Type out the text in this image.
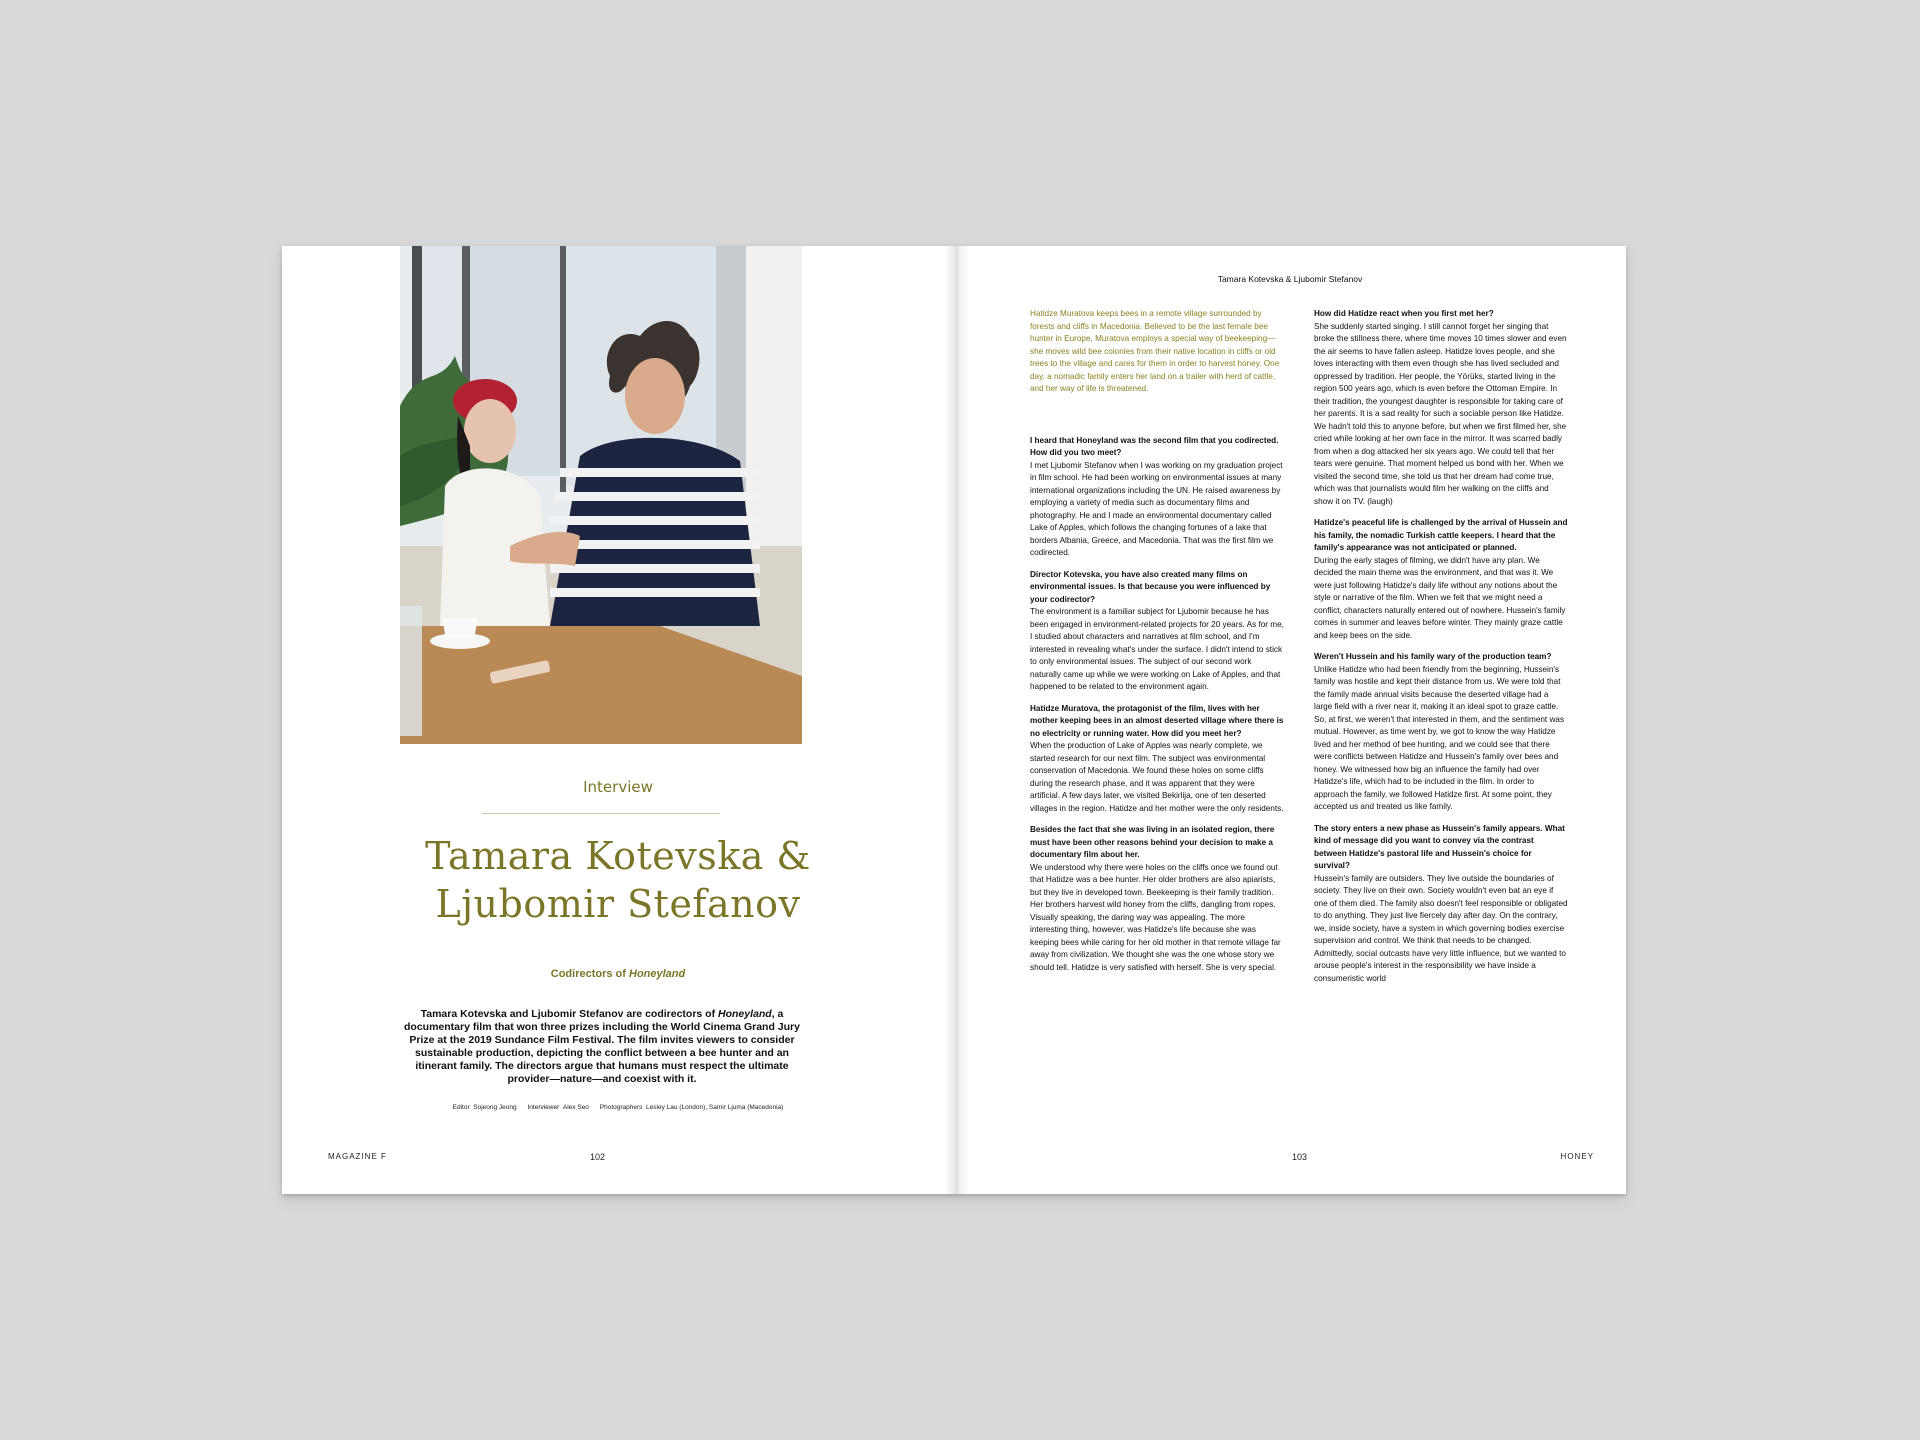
Interview
Tamara Kotevska &
Ljubomir Stefanov
Codirectors of Honeyland
Tamara Kotevska and Ljubomir Stefanov are codirectors of Honeyland, a documentary film that won three prizes including the World Cinema Grand Jury Prize at the 2019 Sundance Film Festival. The film invites viewers to consider sustainable production, depicting the conflict between a bee hunter and an itinerant family. The directors argue that humans must respect the ultimate provider—nature—and coexist with it.
Editor Sojeong Jeong Interviewer Alex Seo Photographers Lesley Lau (London), Samir Ljuma (Macedonia)
MAGAZINE F	102
Tamara Kotevska & Ljubomir Stefanov

Hatidze Muratova keeps bees in a remote village surrounded by forests and cliffs in Macedonia. Believed to be the last female bee hunter in Europe, Muratova employs a special way of beekeeping—she moves wild bee colonies from their native location in cliffs or old trees to the village and cares for them in order to harvest honey. One day, a nomadic family enters her land on a trailer with herd of cattle, and her way of life is threatened.

I heard that Honeyland was the second film that you codirected. How did you two meet?
I met Ljubomir Stefanov when I was working on my graduation project in film school. He had been working on environmental issues at many international organizations including the UN. He raised awareness by employing a variety of media such as documentary films and photography. He and I made an environmental documentary called Lake of Apples, which follows the changing fortunes of a lake that borders Albania, Greece, and Macedonia. That was the first film we codirected.

Director Kotevska, you have also created many films on environmental issues. Is that because you were influenced by your codirector?
The environment is a familiar subject for Ljubomir because he has been engaged in environment-related projects for 20 years. As for me, I studied about characters and narratives at film school, and I'm interested in revealing what's under the surface. I didn't intend to stick to only environmental issues. The subject of our second work naturally came up while we were working on Lake of Apples, and that happened to be related to the environment again.

Hatidze Muratova, the protagonist of the film, lives with her mother keeping bees in an almost deserted village where there is no electricity or running water. How did you meet her?
When the production of Lake of Apples was nearly complete, we started research for our next film. The subject was environmental conservation of Macedonia. We found these holes on some cliffs during the research phase, and it was apparent that they were artificial. A few days later, we visited Bekirlija, one of ten deserted villages in the region. Hatidze and her mother were the only residents.

Besides the fact that she was living in an isolated region, there must have been other reasons behind your decision to make a documentary film about her.
We understood why there were holes on the cliffs once we found out that Hatidze was a bee hunter. Her older brothers are also apiarists, but they live in developed town. Beekeeping is their family tradition. Her brothers harvest wild honey from the cliffs, dangling from ropes. Visually speaking, the daring way was appealing. The more interesting thing, however, was Hatidze's life because she was keeping bees while caring for her old mother in that remote village far away from civilization. We thought she was the one whose story we should tell. Hatidze is very satisfied with herself. She is very special.

How did Hatidze react when you first met her?
She suddenly started singing. I still cannot forget her singing that broke the stillness there, where time moves 10 times slower and even the air seems to have fallen asleep. Hatidze loves people, and she loves interacting with them even though she has lived secluded and oppressed by tradition. Her people, the Yörüks, started living in the region 500 years ago, which is even before the Ottoman Empire. In their tradition, the youngest daughter is responsible for taking care of her parents. It is a sad reality for such a sociable person like Hatidze. We hadn't told this to anyone before, but when we first filmed her, she cried while looking at her own face in the mirror. It was scarred badly from when a dog attacked her six years ago. We could tell that her tears were genuine. That moment helped us bond with her. When we visited the second time, she told us that her dream had come true, which was that journalists would film her walking on the cliffs and show it on TV. (laugh)

Hatidze's peaceful life is challenged by the arrival of Hussein and his family, the nomadic Turkish cattle keepers. I heard that the family's appearance was not anticipated or planned.
During the early stages of filming, we didn't have any plan. We decided the main theme was the environment, and that was it. We were just following Hatidze's daily life without any notions about the style or narrative of the film. When we felt that we might need a conflict, characters naturally entered out of nowhere. Hussein's family comes in summer and leaves before winter. They mainly graze cattle and keep bees on the side.

Weren't Hussein and his family wary of the production team?
Unlike Hatidze who had been friendly from the beginning, Hussein's family was hostile and kept their distance from us. We were told that the family made annual visits because the deserted village had a large field with a river near it, making it an ideal spot to graze cattle. So, at first, we weren't that interested in them, and the sentiment was mutual. However, as time went by, we got to know the way Hatidze lived and her method of bee hunting, and we could see that there were conflicts between Hatidze and Hussein's family over bees and honey. We witnessed how big an influence the family had over Hatidze's life, which had to be included in the film. In order to approach the family, we followed Hatidze first. At some point, they accepted us and treated us like family.

The story enters a new phase as Hussein's family appears. What kind of message did you want to convey via the contrast between Hatidze's pastoral life and Hussein's choice for survival?
Hussein's family are outsiders. They live outside the boundaries of society. They live on their own. Society wouldn't even bat an eye if one of them died. The family also doesn't feel responsible or obligated to do anything. They just live fiercely day after day. On the contrary, we, inside society, have a system in which governing bodies exercise supervision and control. We think that needs to be changed. Admittedly, social outcasts have very little influence, but we wanted to arouse people's interest in the responsibility we have inside a consumeristic world

103	HONEY
